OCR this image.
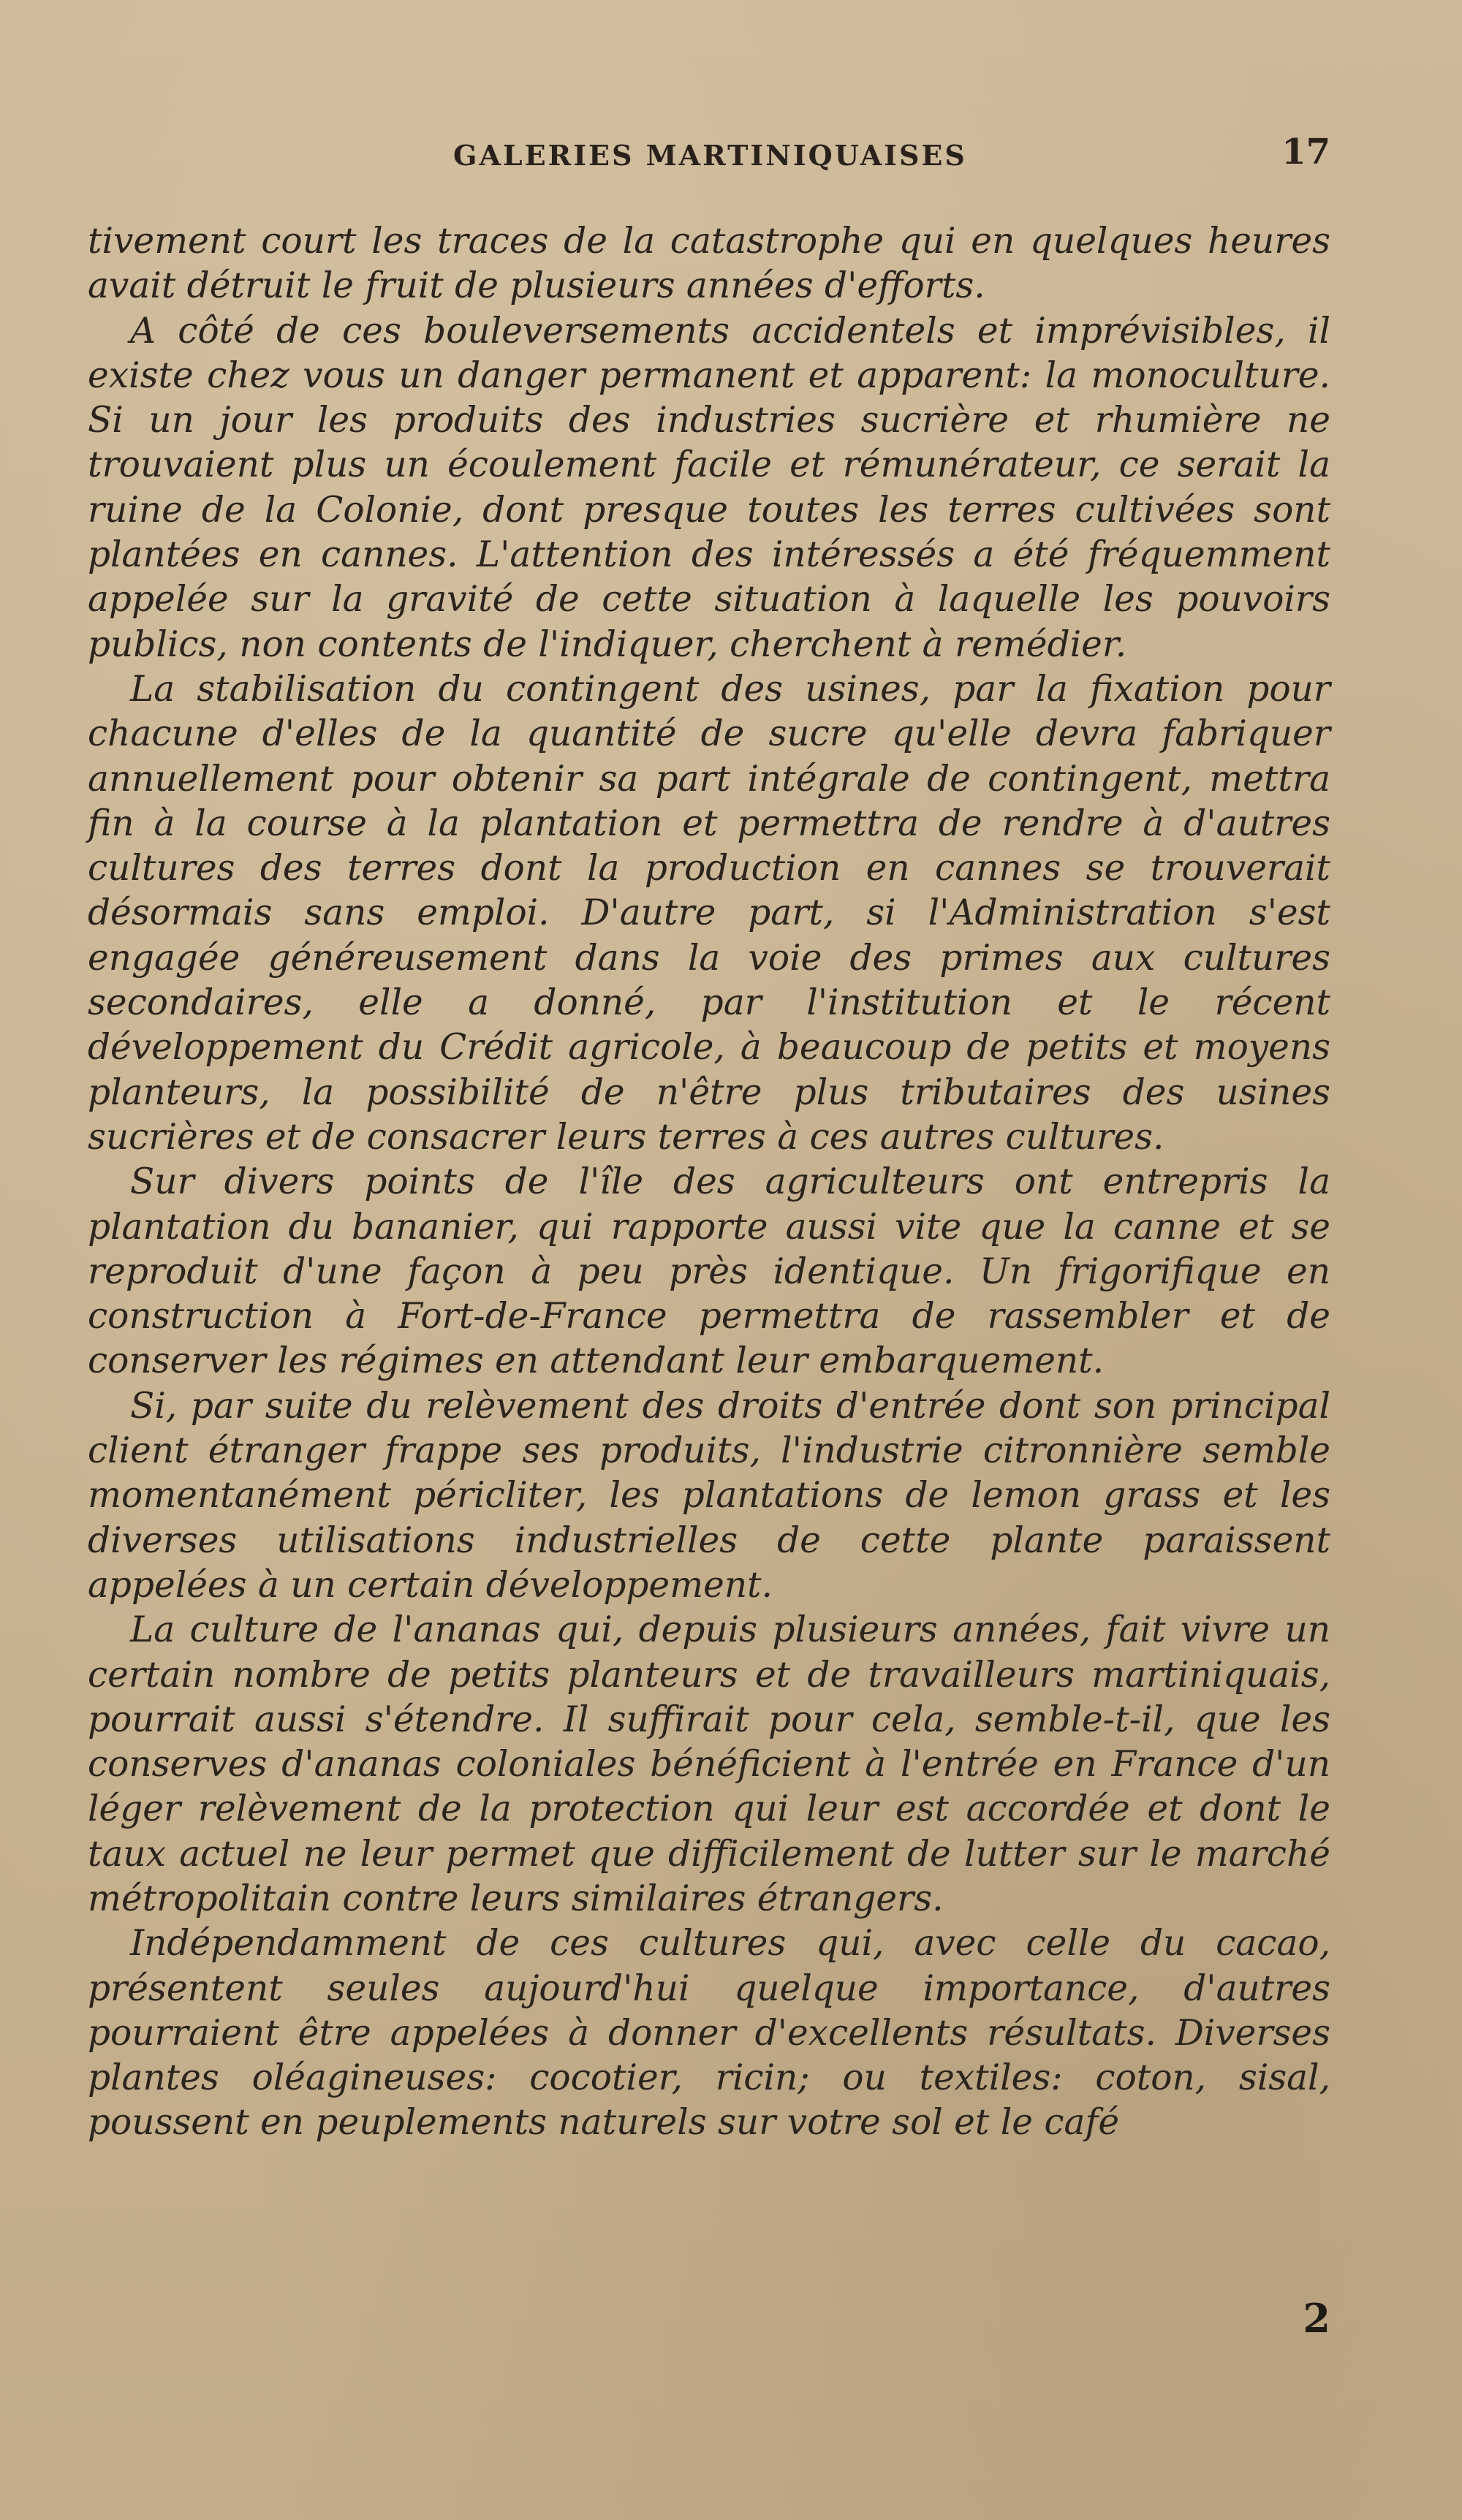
GALERIES MARTINIQUAISES	17

tivement court les traces de la catastrophe qui en quelques heures avait détruit le fruit de plusieurs années d'efforts.

A côté de ces bouleversements accidentels et imprévisibles, il existe chez vous un danger permanent et apparent: la monoculture. Si un jour les produits des industries sucrière et rhumière ne trouvaient plus un écoulement facile et rémunérateur, ce serait la ruine de la Colonie, dont presque toutes les terres cultivées sont plantées en cannes. L'attention des intéressés a été fréquemment appelée sur la gravité de cette situation à laquelle les pouvoirs publics, non contents de l'indiquer, cherchent à remédier.

La stabilisation du contingent des usines, par la fixation pour chacune d'elles de la quantité de sucre qu'elle devra fabriquer annuellement pour obtenir sa part intégrale de contingent, mettra fin à la course à la plantation et permettra de rendre à d'autres cultures des terres dont la production en cannes se trouverait désormais sans emploi. D'autre part, si l'Administration s'est engagée généreusement dans la voie des primes aux cultures secondaires, elle a donné, par l'institution et le récent développement du Crédit agricole, à beaucoup de petits et moyens planteurs, la possibilité de n'être plus tributaires des usines sucrières et de consacrer leurs terres à ces autres cultures.

Sur divers points de l'île des agriculteurs ont entrepris la plantation du bananier, qui rapporte aussi vite que la canne et se reproduit d'une façon à peu près identique. Un frigorifique en construction à Fort-de-France permettra de rassembler et de conserver les régimes en attendant leur embarquement.

Si, par suite du relèvement des droits d'entrée dont son principal client étranger frappe ses produits, l'industrie citronnière semble momentanément péricliter, les plantations de lemon grass et les diverses utilisations industrielles de cette plante paraissent appelées à un certain développement.

La culture de l'ananas qui, depuis plusieurs années, fait vivre un certain nombre de petits planteurs et de travailleurs martiniquais, pourrait aussi s'étendre. Il suffirait pour cela, semble-t-il, que les conserves d'ananas coloniales bénéficient à l'entrée en France d'un léger relèvement de la protection qui leur est accordée et dont le taux actuel ne leur permet que difficilement de lutter sur le marché métropolitain contre leurs similaires étrangers.

Indépendamment de ces cultures qui, avec celle du cacao, présentent seules aujourd'hui quelque importance, d'autres pourraient être appelées à donner d'excellents résultats. Diverses plantes oléagineuses: cocotier, ricin; ou textiles: coton, sisal, poussent en peuplements naturels sur votre sol et le café

2
